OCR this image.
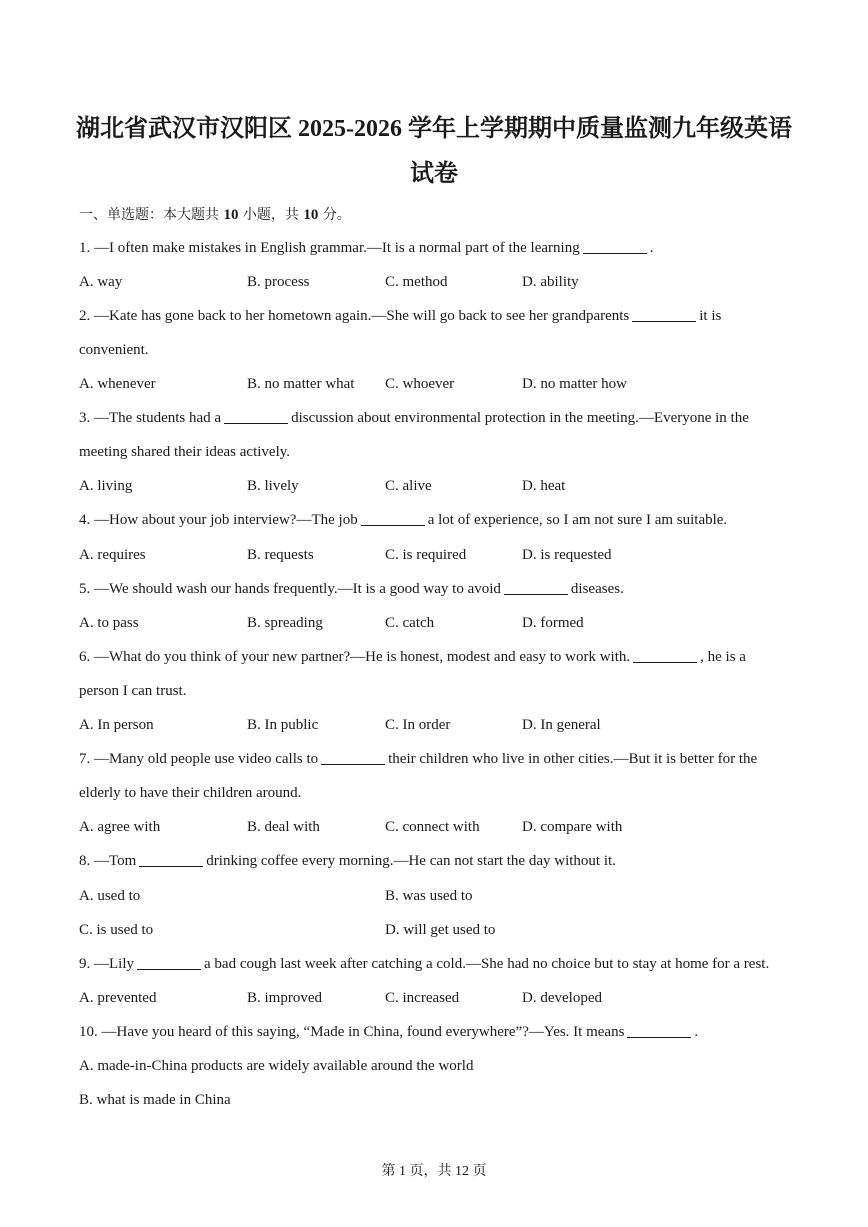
湖北省武汉市汉阳区 2025-2026 学年上学期期中质量监测九年级英语
试卷
一、单选题：本大题共 10 小题，共 10 分。
1. —I often make mistakes in English grammar.—It is a normal part of the learning	.
A. way	B. process	C. method	D. ability
2. —Kate has gone back to her hometown again.—She will go back to see her grandparents	it is
convenient.
A. whenever	B. no matter what C. whoever	D. no matter how
3. —The students had a	discussion about environmental protection in the meeting.—Everyone in the
meeting shared their ideas actively.
A. living	B. lively	C. alive	D. heat
4. —How about your job interview?—The job	a lot of experience, so I am not sure I am suitable.
A. requires	B. requests	C. is required	D. is requested
5. —We should wash our hands frequently.—It is a good way to avoid	diseases.
A. to pass	B. spreading	C. catch	D. formed
6. —What do you think of your new partner?—He is honest, modest and easy to work with.	, he is a
person I can trust.
A. In person	B. In public	C. In order	D. In general
7. —Many old people use video calls to	their children who live in other cities.—But it is better for the
elderly to have their children around.
A. agree with	B. deal with	C. connect with	D. compare with
8. —Tom	drinking coffee every morning.—He can not start the day without it.
A. used to	B. was used to
C. is used to	D. will get used to
9. —Lily	a bad cough last week after catching a cold.—She had no choice but to stay at home for a rest.
A. prevented	B. improved	C. increased	D. developed
10. —Have you heard of this saying, “Made in China, found everywhere”?—Yes. It means	.
A. made-in-China products are widely available around the world
B. what is made in China
第 1 页，共 12 页
